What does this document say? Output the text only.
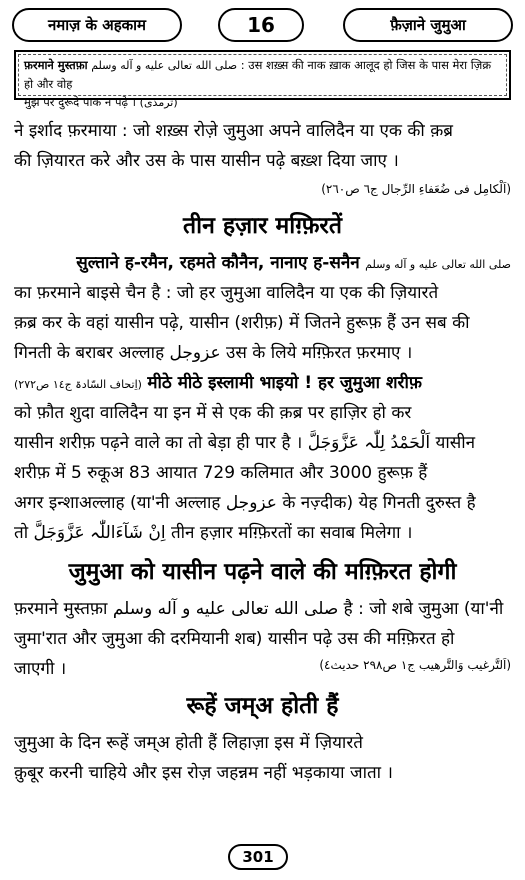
नमाज़ के अहकाम	16	फ़ैज़ाने जुमुआ
फ़रमाने मुस्तफ़ा صلى الله تعالى عليه و آله وسلم : उस शख़्स की नाक ख़ाक आलूद हो जिस के पास मेरा ज़िक्र हो और वोह
मुझ पर दुरूदे पाक न पढ़े । (ترمذی)
ने इर्शाद फ़रमाया : जो शख़्स रोज़े जुमुआ अपने वालिदैन या एक की क़ब्र
की ज़ियारत करे और उस के पास यासीन पढ़े बख़्श दिया जाए ।
(اَلْکامِل فی ضُعَفاءِ الرِّجال ج٦ ص٢٦٠)
तीन हज़ार मग़्फ़िरतें
सुल्ताने ह-रमैन, रहमते कौनैन, नानाए ह-सनैन صلى الله تعالى عليه و آله وسلم
का फ़रमाने बाइसे चैन है : जो हर जुमुआ वालिदैन या एक की ज़ियारते
क़ब्र कर के वहां यासीन पढ़े, यासीन (शरीफ़) में जितने हुरूफ़ हैं उन सब की
गिनती के बराबर अल्लाह عزوجل उस के लिये मग़्फ़िरत फ़रमाए ।
(اِتحاف السّادۃ ج١٤ ص٢٧٢) मीठे मीठे इस्लामी भाइयो ! हर जुमुआ शरीफ़
को फ़ौत शुदा वालिदैन या इन में से एक की क़ब्र पर हाज़िर हो कर
यासीन शरीफ़ पढ़ने वाले का तो बेड़ा ही पार है । اَلْحَمْدُ لِلّٰہ عَزَّوَجَلَّ यासीन
शरीफ़ में 5 रुकूअ 83 आयात 729 कलिमात और 3000 हुरूफ़ हैं
अगर इन्शाअल्लाह (या'नी अल्लाह عزوجل के नज़्दीक) येह गिनती दुरुस्त है
तो اِنْ شَآءَاللّٰہ عَزَّوَجَلَّ तीन हज़ार मग़्फ़िरतों का सवाब मिलेगा ।
जुमुआ को यासीन पढ़ने वाले की मग़्फ़िरत होगी
फ़रमाने मुस्तफ़ा صلى الله تعالى عليه و آله وسلم है : जो शबे जुमुआ (या'नी
जुमा'रात और जुमुआ की दरमियानी शब) यासीन पढ़े उस की मग़्फ़िरत हो
जाएगी ।	(اَلتَّرغیب وَالتَّرهیب ج١ ص٢٩٨ حدیث٤)
रूहें जम्अ होती हैं
जुमुआ के दिन रूहें जम्अ होती हैं लिहाज़ा इस में ज़ियारते
क़ुबूर करनी चाहिये और इस रोज़ जहन्नम नहीं भड़काया जाता ।
301
